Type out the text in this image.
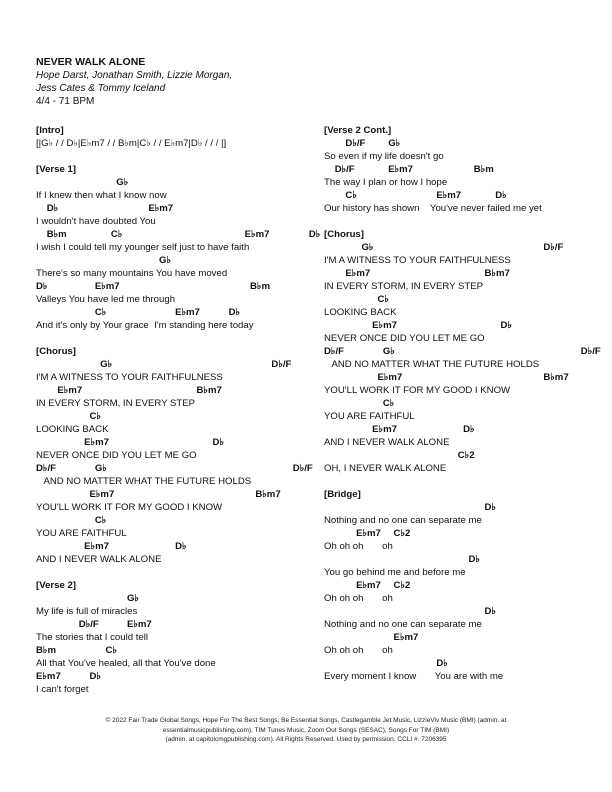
NEVER WALK ALONE
Hope Darst, Jonathan Smith, Lizzie Morgan,
Jess Cates & Tommy Iceland
4/4 - 71 BPM
[Intro]
[|G♭ / / D♭|E♭m7 / / B♭m|C♭ / / E♭m7|D♭ / / / |]
[Verse 1]
G♭
If I knew then what I know now
D♭	E♭m7
I wouldn't have doubted You
B♭m	C♭	E♭m7	D♭
I wish I could tell my younger self just to have faith
G♭
There's so many mountains You have moved
D♭	E♭m7	B♭m
Valleys You have led me through
C♭	E♭m7	D♭
And it's only by Your grace  I'm standing here today
[Chorus]
G♭	D♭/F
I'M A WITNESS TO YOUR FAITHFULNESS
E♭m7	B♭m7
IN EVERY STORM, IN EVERY STEP
C♭
LOOKING BACK
E♭m7	D♭
NEVER ONCE DID YOU LET ME GO
D♭/F	G♭	D♭/F
AND NO MATTER WHAT THE FUTURE HOLDS
E♭m7	B♭m7
YOU'LL WORK IT FOR MY GOOD I KNOW
C♭
YOU ARE FAITHFUL
E♭m7	D♭
AND I NEVER WALK ALONE
[Verse 2]
G♭
My life is full of miracles
D♭/F	E♭m7
The stories that I could tell
B♭m	C♭
All that You've healed, all that You've done
E♭m7	D♭
I can't forget
[Verse 2 Cont.]
D♭/F G♭
So even if my life doesn't go
D♭/F	E♭m7	B♭m
The way I plan or how I hope
C♭	E♭m7	D♭
Our history has shown    You've never failed me yet
[Chorus]
G♭	D♭/F
I'M A WITNESS TO YOUR FAITHFULNESS
E♭m7	B♭m7
IN EVERY STORM, IN EVERY STEP
C♭
LOOKING BACK
E♭m7	D♭
NEVER ONCE DID YOU LET ME GO
D♭/F	G♭	D♭/F
AND NO MATTER WHAT THE FUTURE HOLDS
E♭m7	B♭m7
YOU'LL WORK IT FOR MY GOOD I KNOW
C♭
YOU ARE FAITHFUL
E♭m7	D♭
AND I NEVER WALK ALONE
C♭2
OH, I NEVER WALK ALONE
[Bridge]
D♭
Nothing and no one can separate me
E♭m7 C♭2
Oh oh oh       oh
D♭
You go behind me and before me
E♭m7 C♭2
Oh oh oh       oh
D♭
Nothing and no one can separate me
E♭m7
Oh oh oh       oh
D♭
Every moment I know       You are with me
© 2022 Fair Trade Global Songs, Hope For The Best Songs, Be Essential Songs, Castlegamble Jet Music, LizzieViv Music (BMI) (admin. at
essentialmusicpublishing.com), TIM Tunes Music, Zoom Out Songs (SESAC), Songs For TIM (BMI)
(admin. at capitolcmgpublishing.com). All Rights Reserved. Used by permission. CCLI #: 7206395
